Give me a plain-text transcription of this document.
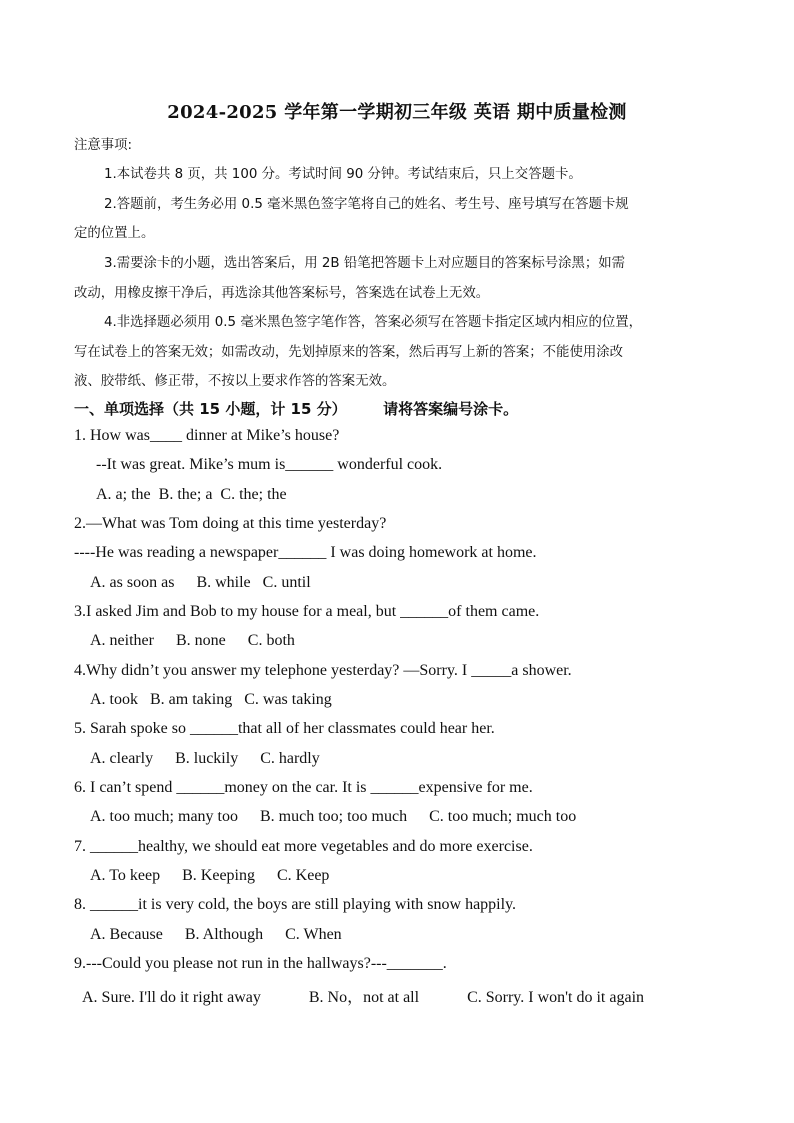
2024-2025 学年第一学期初三年级 英语 期中质量检测
注意事项:
1.本试卷共 8 页，共 100 分。考试时间 90 分钟。考试结束后，只上交答题卡。
2.答题前，考生务必用 0.5 毫米黑色签字笔将自己的姓名、考生号、座号填写在答题卡规
定的位置上。
3.需要涂卡的小题，选出答案后，用 2B 铅笔把答题卡上对应题目的答案标号涂黑；如需
改动，用橡皮擦干净后，再选涂其他答案标号，答案选在试卷上无效。
4.非选择题必须用 0.5 毫米黑色签字笔作答，答案必须写在答题卡指定区域内相应的位置，
写在试卷上的答案无效；如需改动，先划掉原来的答案，然后再写上新的答案；不能使用涂改
液、胶带纸、修正带，不按以上要求作答的答案无效。
一、单项选择（共 15 小题，计 15 分） 请将答案编号涂卡。
1. How was____ dinner at Mike’s house?
--It was great. Mike’s mum is______ wonderful cook.
A. a; the B. the; a C. the; the
2.—What was Tom doing at this time yesterday?
----He was reading a newspaper______ I was doing homework at home.
A. as soon as B. while C. until
3.I asked Jim and Bob to my house for a meal, but ______of them came.
A. neither B. none C. both
4.Why didn’t you answer my telephone yesterday? —Sorry. I _____a shower.
A. took B. am taking C. was taking
5. Sarah spoke so ______that all of her classmates could hear her.
A. clearly B. luckily C. hardly
6. I can’t spend ______money on the car. It is ______expensive for me.
A. too much; many too B. much too; too much C. too much; much too
7. ______healthy, we should eat more vegetables and do more exercise.
A. To keep B. Keeping C. Keep
8. ______it is very cold, the boys are still playing with snow happily.
A. Because B. Although C. When
9.---Could you please not run in the hallways?---_______.
A. Sure. I'll do it right away	B. No，not at all	C. Sorry. I won't do it again
